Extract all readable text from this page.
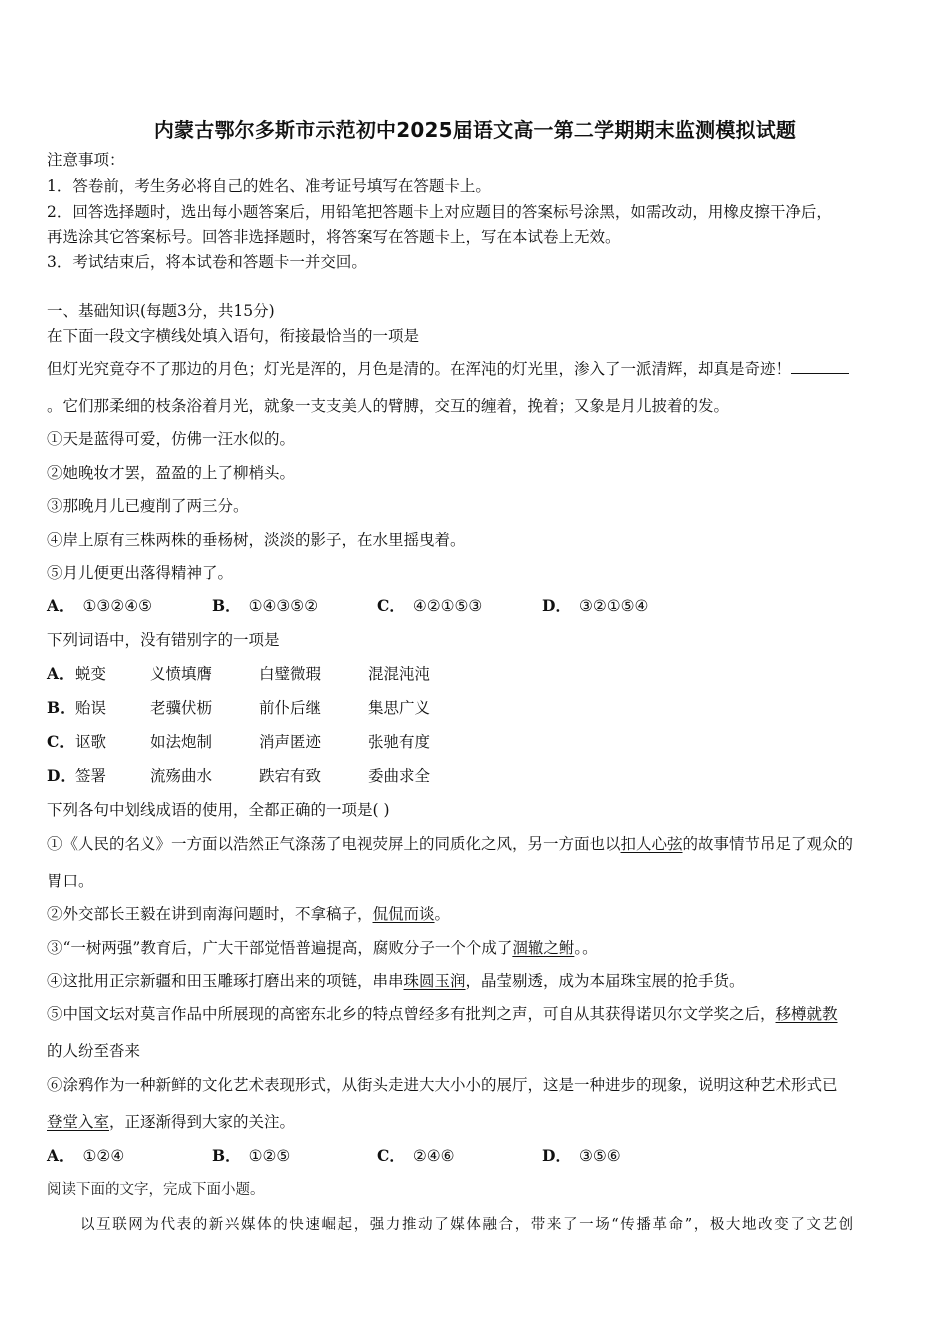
内蒙古鄂尔多斯市示范初中2025届语文高一第二学期期末监测模拟试题
注意事项：
1．答卷前，考生务必将自己的姓名、准考证号填写在答题卡上。
2．回答选择题时，选出每小题答案后，用铅笔把答题卡上对应题目的答案标号涂黑，如需改动，用橡皮擦干净后，
再选涂其它答案标号。回答非选择题时，将答案写在答题卡上，写在本试卷上无效。
3．考试结束后，将本试卷和答题卡一并交回。
一、基础知识(每题3分，共15分)
在下面一段文字横线处填入语句，衔接最恰当的一项是
但灯光究竟夺不了那边的月色；灯光是浑的，月色是清的。在浑沌的灯光里，渗入了一派清辉，却真是奇迹！
。它们那柔细的枝条浴着月光，就象一支支美人的臂膊，交互的缠着，挽着；又象是月儿披着的发。
①天是蓝得可爱，仿佛一汪水似的。
②她晚妆才罢，盈盈的上了柳梢头。
③那晚月儿已瘦削了两三分。
④岸上原有三株两株的垂杨树，淡淡的影子，在水里摇曳着。
⑤月儿便更出落得精神了。
A． ①③②④⑤	B． ①④③⑤②	C． ④②①⑤③	D． ③②①⑤④
下列词语中，没有错别字的一项是
A． 蜕变	义愤填膺	白璧微瑕	混混沌沌
B． 贻误	老骥伏枥	前仆后继	集思广义
C． 讴歌	如法炮制	消声匿迹	张驰有度
D． 签署	流殇曲水	跌宕有致	委曲求全
下列各句中划线成语的使用，全都正确的一项是( )
①《人民的名义》一方面以浩然正气涤荡了电视荧屏上的同质化之风，另一方面也以扣人心弦的故事情节吊足了观众的
胃口。
②外交部长王毅在讲到南海问题时，不拿稿子，侃侃而谈。
③“一树两强”教育后，广大干部觉悟普遍提高，腐败分子一个个成了涸辙之鲋。。
④这批用正宗新疆和田玉雕琢打磨出来的项链，串串珠圆玉润，晶莹剔透，成为本届珠宝展的抢手货。
⑤中国文坛对莫言作品中所展现的高密东北乡的特点曾经多有批判之声，可自从其获得诺贝尔文学奖之后，移樽就教
的人纷至沓来
⑥涂鸦作为一种新鲜的文化艺术表现形式，从街头走进大大小小的展厅，这是一种进步的现象，说明这种艺术形式已
登堂入室，正逐渐得到大家的关注。
A． ①②④	B． ①②⑤	C． ②④⑥	D． ③⑤⑥
阅读下面的文字，完成下面小题。
以互联网为代表的新兴媒体的快速崛起，强力推动了媒体融合，带来了一场“传播革命”，极大地改变了文艺创
